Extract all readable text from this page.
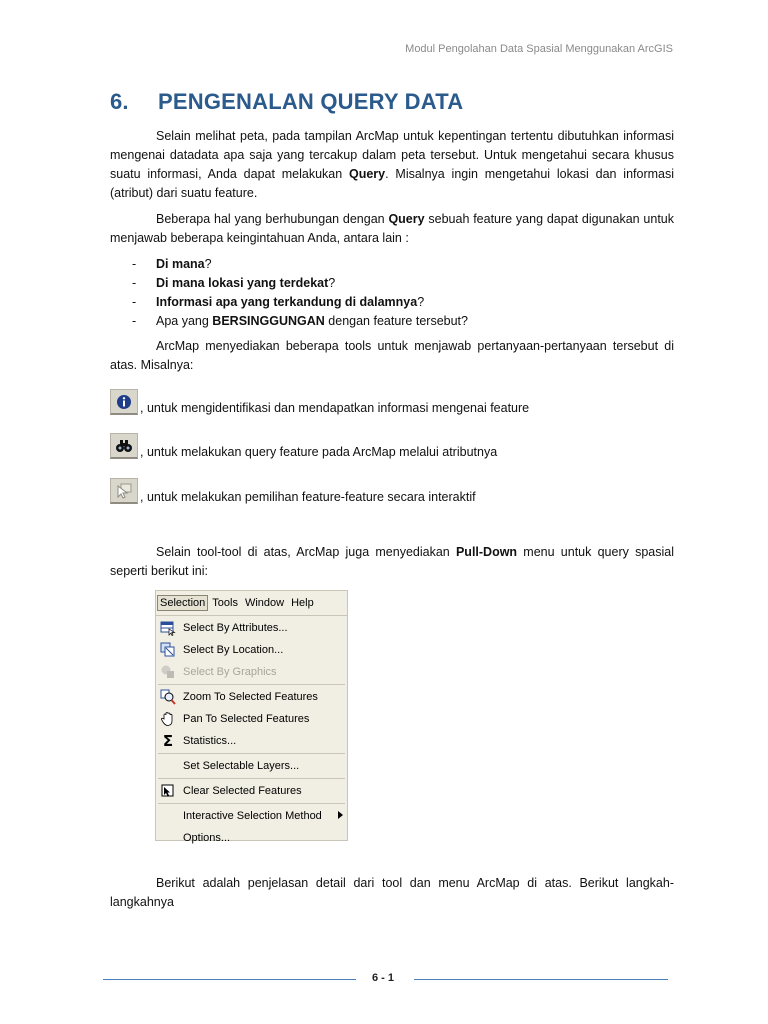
Modul Pengolahan Data Spasial Menggunakan ArcGIS
6. PENGENALAN QUERY DATA
Selain melihat peta, pada tampilan ArcMap untuk kepentingan tertentu dibutuhkan informasi mengenai datadata apa saja yang tercakup dalam peta tersebut. Untuk mengetahui secara khusus suatu informasi, Anda dapat melakukan Query. Misalnya ingin mengetahui lokasi dan informasi (atribut) dari suatu feature.
Beberapa hal yang berhubungan dengan Query sebuah feature yang dapat digunakan untuk menjawab beberapa keingintahuan Anda, antara lain :
-	Di mana?
-	Di mana lokasi yang terdekat?
-	Informasi apa yang terkandung di dalamnya?
-	Apa yang BERSINGGUNGAN dengan feature tersebut?
ArcMap menyediakan beberapa tools untuk menjawab pertanyaan-pertanyaan tersebut di atas. Misalnya:
, untuk mengidentifikasi dan mendapatkan informasi mengenai feature
, untuk melakukan query feature pada ArcMap melalui atributnya
, untuk melakukan pemilihan feature-feature secara interaktif
Selain tool-tool di atas, ArcMap juga menyediakan Pull-Down menu untuk query spasial seperti berikut ini:
Selection Tools Window Help
Select By Attributes...
Select By Location...
Select By Graphics
Zoom To Selected Features
Pan To Selected Features
Σ Statistics...
Set Selectable Layers...
Clear Selected Features
Interactive Selection Method
Options...
Berikut adalah penjelasan detail dari tool dan menu ArcMap di atas. Berikut langkah-langkahnya
6 - 1
